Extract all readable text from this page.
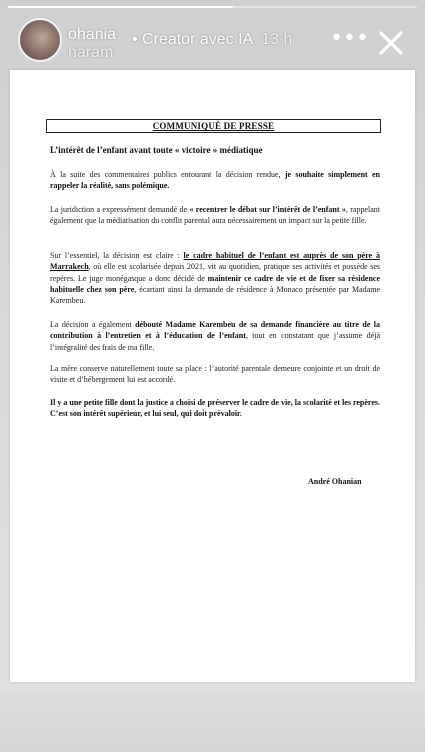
ohania
naram
• Creator avec IA 13 h •••
COMMUNIQUÉ DE PRESSE
L’intérêt de l’enfant avant toute « victoire » médiatique
À la suite des commentaires publics entourant la décision rendue, je souhaite simplement en rappeler la réalité, sans polémique.
La juridiction a expressément demandé de « recentrer le débat sur l’intérêt de l’enfant », rappelant également que la médiatisation du conflit parental aura nécessairement un impact sur la petite fille.
Sur l’essentiel, la décision est claire : le cadre habituel de l’enfant est auprès de son père à Marrakech, où elle est scolarisée depuis 2021, vit au quotidien, pratique ses activités et possède ses repères. Le juge monégasque a donc décidé de maintenir ce cadre de vie et de fixer sa résidence habituelle chez son père, écartant ainsi la demande de résidence à Monaco présentée par Madame Karembeu.
La décision a également débouté Madame Karembeu de sa demande financière au titre de la contribution à l’entretien et à l’éducation de l’enfant, tout en constatant que j’assume déjà l’intégralité des frais de ma fille.
La mère conserve naturellement toute sa place : l’autorité parentale demeure conjointe et un droit de visite et d’hébergement lui est accordé.
Il y a une petite fille dont la justice a choisi de préserver le cadre de vie, la scolarité et les repères. C’est son intérêt supérieur, et lui seul, qui doit prévaloir.
André Ohanian
